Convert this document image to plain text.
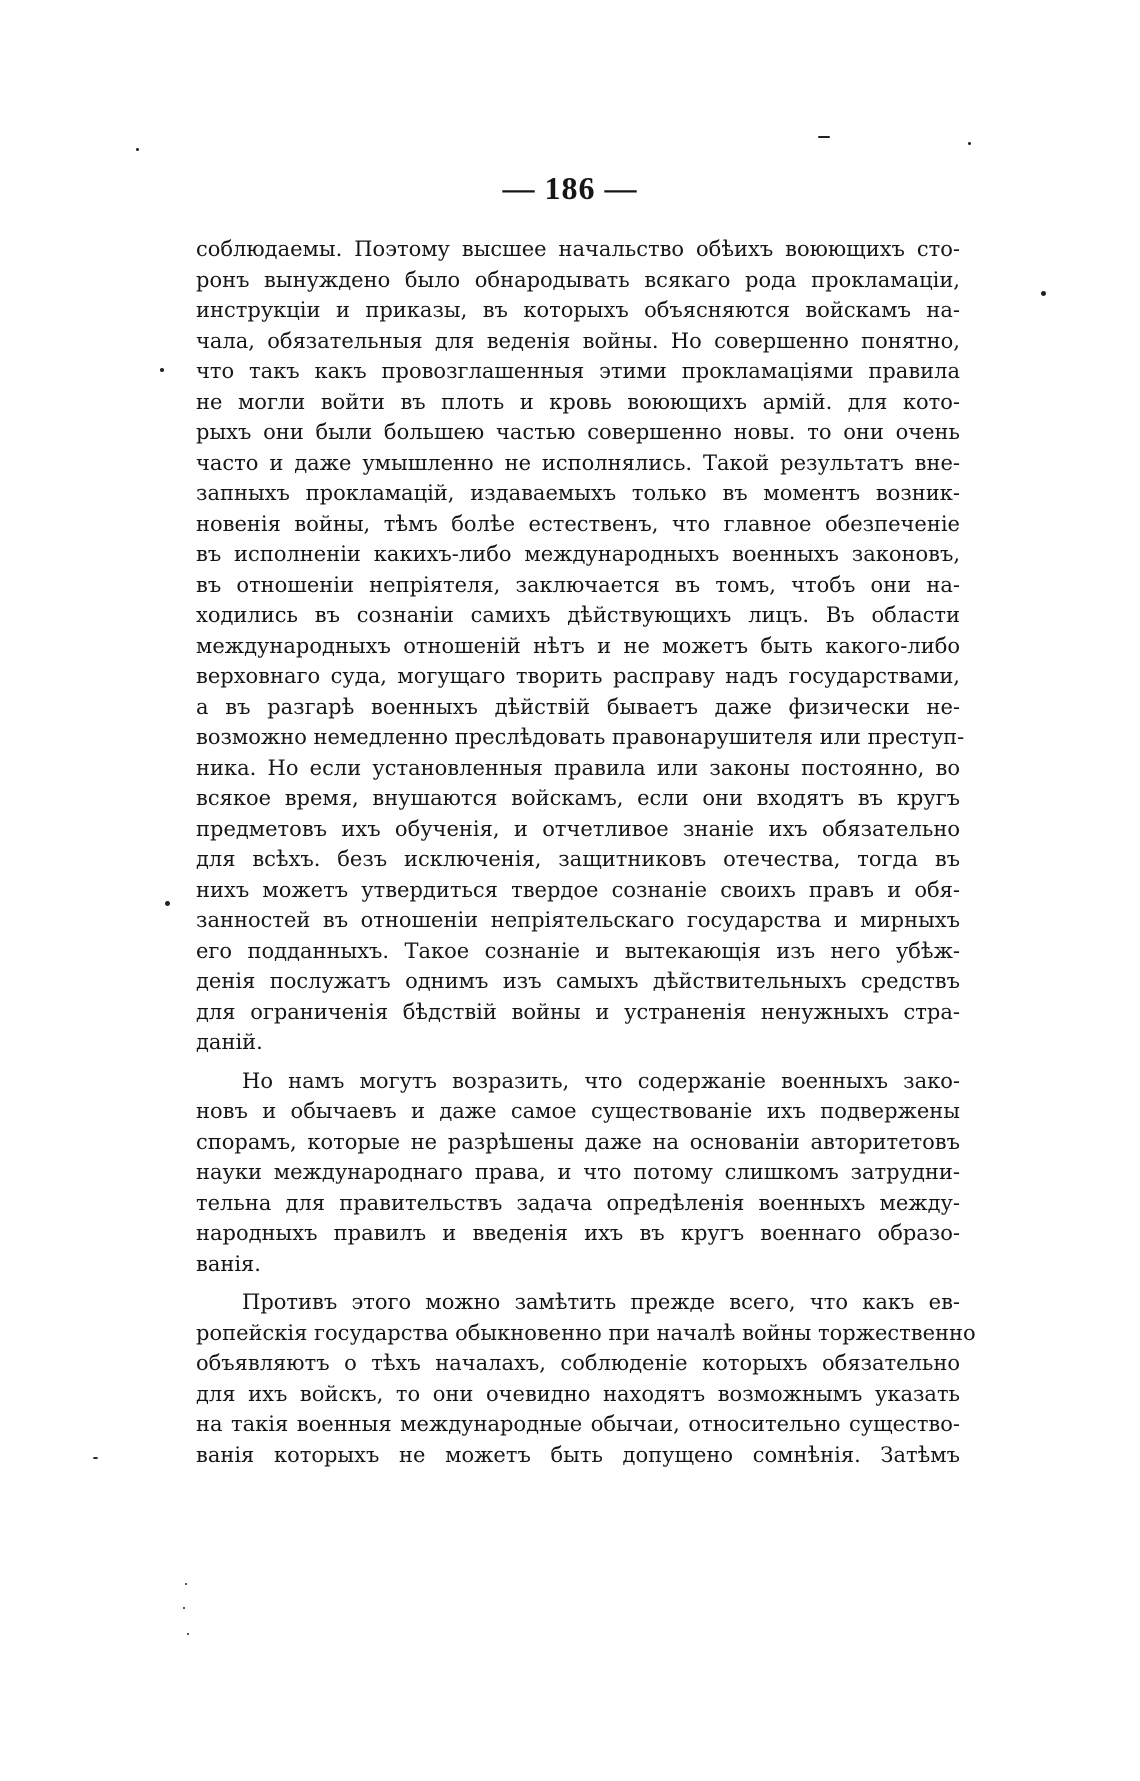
— 186 —
соблюдаемы. Поэтому высшее начальство обѣихъ воюющихъ сто-
ронъ вынуждено было обнародывать всякаго рода прокламаціи,
инструкціи и приказы, въ которыхъ объясняются войскамъ на-
чала, обязательныя для веденія войны. Но совершенно понятно,
что такъ какъ провозглашенныя этими прокламаціями правила
не могли войти въ плоть и кровь воюющихъ армій. для кото-
рыхъ они были большею частью совершенно новы. то они очень
часто и даже умышленно не исполнялись. Такой результатъ вне-
запныхъ прокламацій, издаваемыхъ только въ моментъ возник-
новенія войны, тѣмъ болѣе естественъ, что главное обезпеченіе
въ исполненіи какихъ-либо международныхъ военныхъ законовъ,
въ отношеніи непріятеля, заключается въ томъ, чтобъ они на-
ходились въ сознаніи самихъ дѣйствующихъ лицъ. Въ области
международныхъ отношеній нѣтъ и не можетъ быть какого-либо
верховнаго суда, могущаго творить расправу надъ государствами,
а въ разгарѣ военныхъ дѣйствій бываетъ даже физически не-
возможно немедленно преслѣдовать правонарушителя или преступ-
ника. Но если установленныя правила или законы постоянно, во
всякое время, внушаются войскамъ, если они входятъ въ кругъ
предметовъ ихъ обученія, и отчетливое знаніе ихъ обязательно
для всѣхъ. безъ исключенія, защитниковъ отечества, тогда въ
нихъ можетъ утвердиться твердое сознаніе своихъ правъ и обя-
занностей въ отношеніи непріятельскаго государства и мирныхъ
его подданныхъ. Такое сознаніе и вытекающія изъ него убѣж-
денія послужатъ однимъ изъ самыхъ дѣйствительныхъ средствъ
для ограниченія бѣдствій войны и устраненія ненужныхъ стра-
даній.
Но намъ могутъ возразить, что содержаніе военныхъ зако-
новъ и обычаевъ и даже самое существованіе ихъ подвержены
спорамъ, которые не разрѣшены даже на основаніи авторитетовъ
науки международнаго права, и что потому слишкомъ затрудни-
тельна для правительствъ задача опредѣленія военныхъ между-
народныхъ правилъ и введенія ихъ въ кругъ военнаго образо-
ванія.
Противъ этого можно замѣтить прежде всего, что какъ ев-
ропейскія государства обыкновенно при началѣ войны торжественно
объявляютъ о тѣхъ началахъ, соблюденіе которыхъ обязательно
для ихъ войскъ, то они очевидно находятъ возможнымъ указать
на такія военныя международные обычаи, относительно существо-
ванія которыхъ не можетъ быть допущено сомнѣнія. Затѣмъ
